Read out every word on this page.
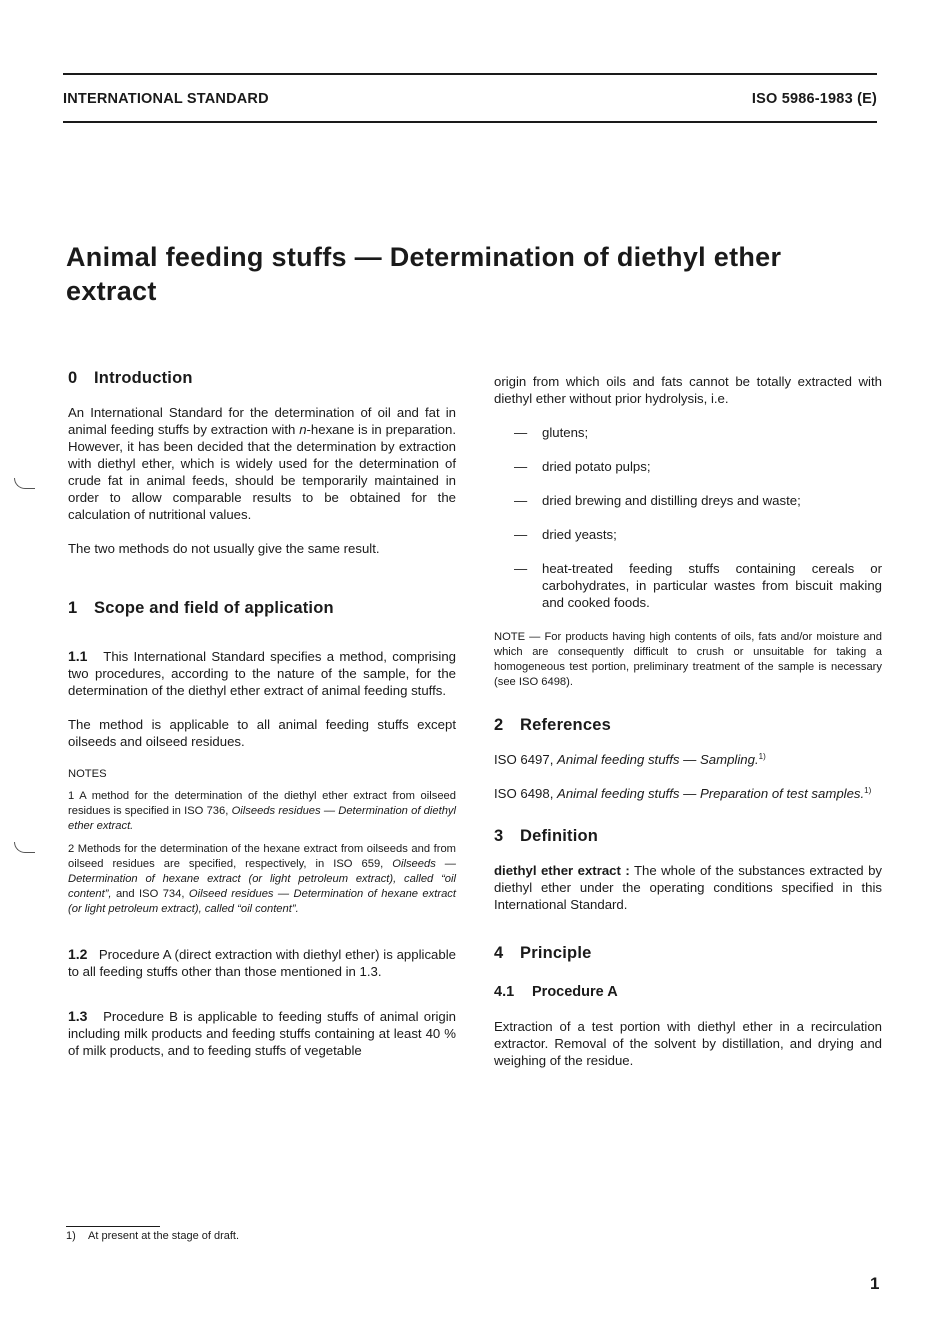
INTERNATIONAL STANDARD	ISO 5986-1983 (E)
Animal feeding stuffs — Determination of diethyl ether extract
0 Introduction

An International Standard for the determination of oil and fat in animal feeding stuffs by extraction with n-hexane is in preparation. However, it has been decided that the determination by extraction with diethyl ether, which is widely used for the determination of crude fat in animal feeds, should be temporarily maintained in order to allow comparable results to be obtained for the calculation of nutritional values.

The two methods do not usually give the same result.

1 Scope and field of application

1.1 This International Standard specifies a method, comprising two procedures, according to the nature of the sample, for the determination of the diethyl ether extract of animal feeding stuffs.

The method is applicable to all animal feeding stuffs except oilseeds and oilseed residues.

NOTES

1 A method for the determination of the diethyl ether extract from oilseed residues is specified in ISO 736, Oilseeds residues — Determination of diethyl ether extract.

2 Methods for the determination of the hexane extract from oilseeds and from oilseed residues are specified, respectively, in ISO 659, Oilseeds — Determination of hexane extract (or light petroleum extract), called “oil content”, and ISO 734, Oilseed residues — Determination of hexane extract (or light petroleum extract), called “oil content”.

1.2 Procedure A (direct extraction with diethyl ether) is applicable to all feeding stuffs other than those mentioned in 1.3.

1.3 Procedure B is applicable to feeding stuffs of animal origin including milk products and feeding stuffs containing at least 40 % of milk products, and to feeding stuffs of vegetable

origin from which oils and fats cannot be totally extracted with diethyl ether without prior hydrolysis, i.e.

—	glutens;
—	dried potato pulps;
—	dried brewing and distilling dreys and waste;
—	dried yeasts;
—	heat-treated feeding stuffs containing cereals or carbohydrates, in particular wastes from biscuit making and cooked foods.

NOTE — For products having high contents of oils, fats and/or moisture and which are consequently difficult to crush or unsuitable for taking a homogeneous test portion, preliminary treatment of the sample is necessary (see ISO 6498).

2 References

ISO 6497, Animal feeding stuffs — Sampling.$^{1)}$

ISO 6498, Animal feeding stuffs — Preparation of test samples.$^{1)}$

3 Definition

diethyl ether extract : The whole of the substances extracted by diethyl ether under the operating conditions specified in this International Standard.

4 Principle
4.1 Procedure A

Extraction of a test portion with diethyl ether in a recirculation extractor. Removal of the solvent by distillation, and drying and weighing of the residue.

1) At present at the stage of draft.
1
